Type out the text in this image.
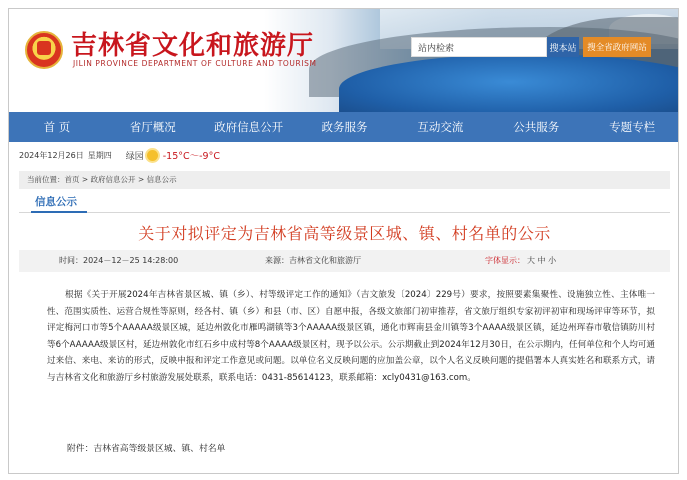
吉林省文化和旅游厅
JILIN PROVINCE DEPARTMENT OF CULTURE AND TOURISM
站内检索
搜本站	搜全省政府网站
首 页	省厅概况	政府信息公开	政务服务	互动交流	公共服务	专题专栏
2024年12月26日 星期四 绿园 -15°C～-9°C
当前位置：首页 > 政府信息公开 > 信息公示
信息公示
关于对拟评定为吉林省高等级景区城、镇、村名单的公示
时间：2024－12－25 14:28:00	来源：吉林省文化和旅游厅	字体显示： 大 中 小
根据《关于开展2024年吉林省景区城、镇（乡）、村等级评定工作的通知》（吉文旅发〔2024〕229号）要求，按照要素集聚性、设施独立性、主体唯一性、范围实质性、运营合规性等原则，经各村、镇（乡）和县（市、区）自愿申报，各级文旅部门初审推荐，省文旅厅组织专家初评初审和现场评审等环节，拟评定梅河口市等5个AAAAA级景区城，延边州敦化市雁鸣湖镇等3个AAAAA级景区镇，通化市辉南县金川镇等3个AAAA级景区镇，延边州珲春市敬信镇防川村等6个AAAAA级景区村，延边州敦化市红石乡中成村等8个AAAA级景区村，现予以公示。公示期截止到2024年12月30日，在公示期内，任何单位和个人均可通过来信、来电、来访的形式，反映申报和评定工作意见或问题。以单位名义反映问题的应加盖公章，以个人名义反映问题的提倡署本人真实姓名和联系方式，请与吉林省文化和旅游厅乡村旅游发展处联系，联系电话：0431-85614123，联系邮箱：xcly0431@163.com。
附件：吉林省高等级景区城、镇、村名单
